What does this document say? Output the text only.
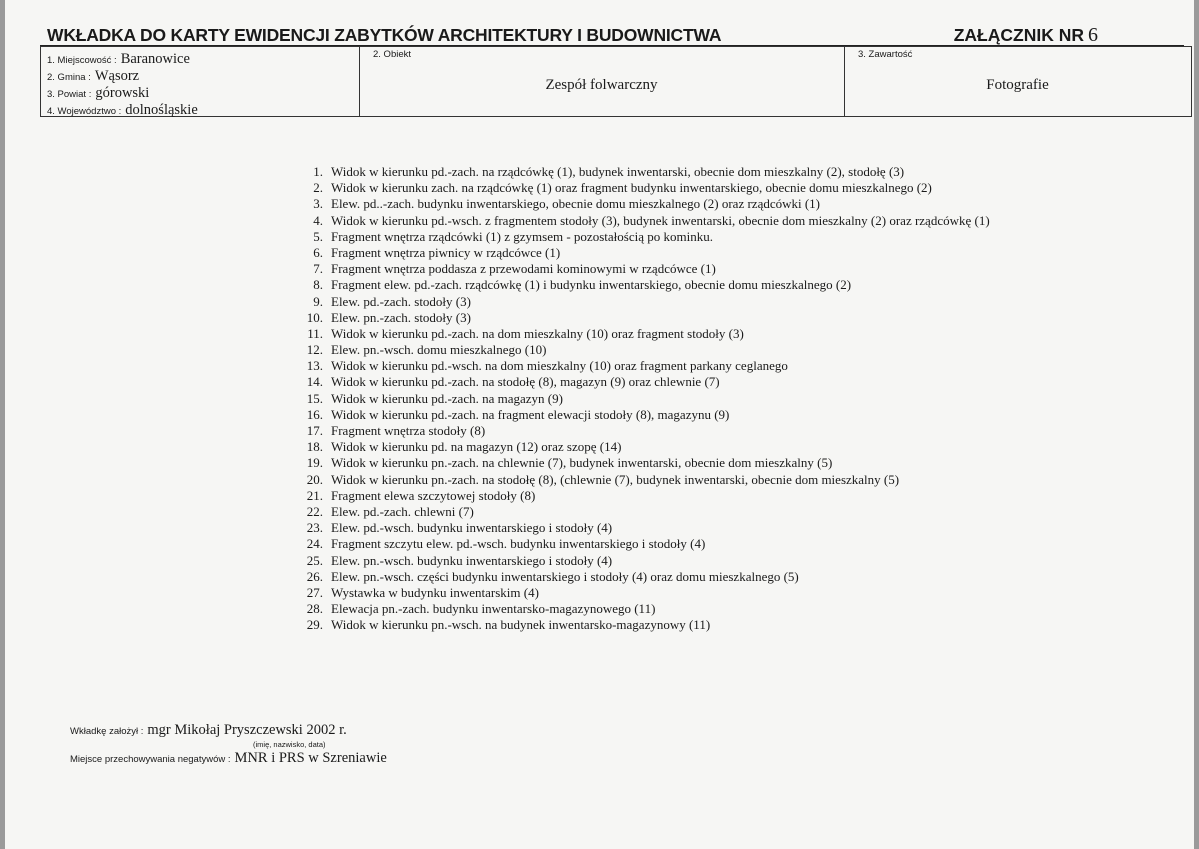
WKŁADKA DO KARTY EWIDENCJI ZABYTKÓW ARCHITEKTURY I BUDOWNICTWA	ZAŁĄCZNIK NR 6
1. Miejscowość : Baranowice
2. Gmina : Wąsorz
3. Powiat : górowski
4. Województwo : dolnośląskie
2. Obiekt
Zespół folwarczny
3. Zawartość
Fotografie
1. Widok w kierunku pd.-zach. na rządcówkę (1), budynek inwentarski, obecnie dom mieszkalny (2), stodołę (3)
2. Widok w kierunku zach. na rządcówkę (1) oraz fragment budynku inwentarskiego, obecnie domu mieszkalnego (2)
3. Elew. pd..-zach. budynku inwentarskiego, obecnie domu mieszkalnego (2) oraz rządcówki (1)
4. Widok w kierunku pd.-wsch. z fragmentem stodoły (3), budynek inwentarski, obecnie dom mieszkalny (2) oraz rządcówkę (1)
5. Fragment wnętrza rządcówki (1) z gzymsem - pozostałością po kominku.
6. Fragment wnętrza piwnicy w rządcówce (1)
7. Fragment wnętrza poddasza z przewodami kominowymi w rządcówce (1)
8. Fragment elew. pd.-zach. rządcówkę (1) i budynku inwentarskiego, obecnie domu mieszkalnego (2)
9. Elew. pd.-zach. stodoły (3)
10. Elew. pn.-zach. stodoły (3)
11. Widok w kierunku pd.-zach. na dom mieszkalny (10) oraz fragment stodoły (3)
12. Elew. pn.-wsch. domu mieszkalnego (10)
13. Widok w kierunku pd.-wsch. na dom mieszkalny (10) oraz fragment parkany ceglanego
14. Widok w kierunku pd.-zach. na stodołę (8), magazyn (9) oraz chlewnie (7)
15. Widok w kierunku pd.-zach. na magazyn (9)
16. Widok w kierunku pd.-zach. na fragment elewacji stodoły (8), magazynu (9)
17. Fragment wnętrza stodoły (8)
18. Widok w kierunku pd. na magazyn (12) oraz szopę (14)
19. Widok w kierunku pn.-zach. na chlewnie (7), budynek inwentarski, obecnie dom mieszkalny (5)
20. Widok w kierunku pn.-zach. na stodołę (8), (chlewnie (7), budynek inwentarski, obecnie dom mieszkalny (5)
21. Fragment elewa szczytowej stodoły (8)
22. Elew. pd.-zach. chlewni (7)
23. Elew. pd.-wsch. budynku inwentarskiego i stodoły (4)
24. Fragment szczytu elew. pd.-wsch. budynku inwentarskiego i stodoły (4)
25. Elew. pn.-wsch. budynku inwentarskiego i stodoły (4)
26. Elew. pn.-wsch. części budynku inwentarskiego i stodoły (4) oraz domu mieszkalnego (5)
27. Wystawka w budynku inwentarskim (4)
28. Elewacja pn.-zach. budynku inwentarsko-magazynowego (11)
29. Widok w kierunku pn.-wsch. na budynek inwentarsko-magazynowy (11)
Wkładkę założył : mgr Mikołaj Pryszczewski 2002 r.
(imię, nazwisko, data)
Miejsce przechowywania negatywów : MNR i PRS w Szreniawie
